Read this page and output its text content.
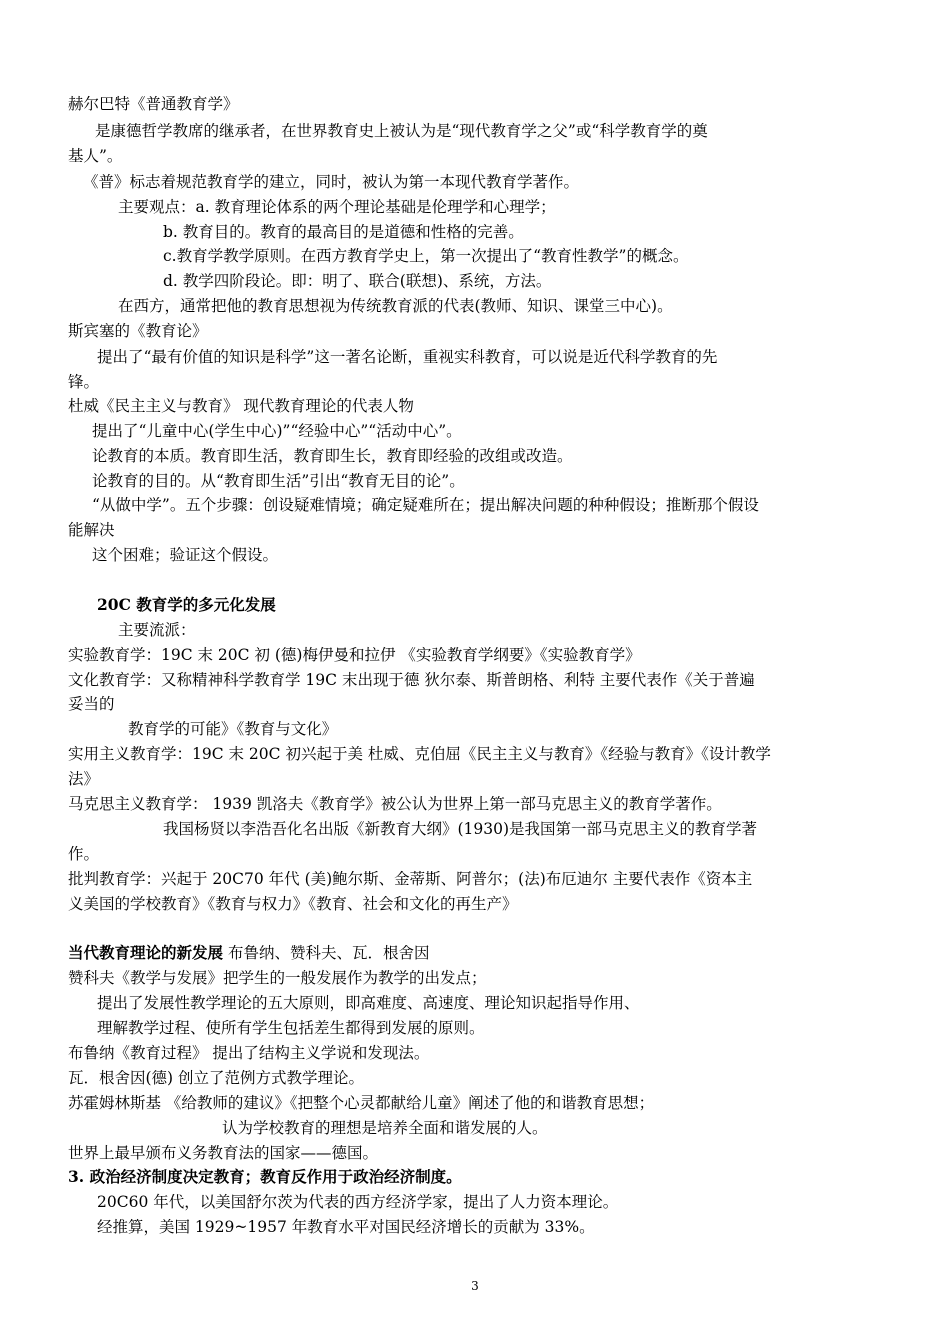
赫尔巴特《普通教育学》
是康德哲学教席的继承者，在世界教育史上被认为是“现代教育学之父”或“科学教育学的奠
基人”。
《普》标志着规范教育学的建立，同时，被认为第一本现代教育学著作。
主要观点：a. 教育理论体系的两个理论基础是伦理学和心理学；
b. 教育目的。教育的最高目的是道德和性格的完善。
c.教育学教学原则。在西方教育学史上，第一次提出了“教育性教学”的概念。
d. 教学四阶段论。即：明了、联合(联想)、系统，方法。
在西方，通常把他的教育思想视为传统教育派的代表(教师、知识、课堂三中心)。
斯宾塞的《教育论》
提出了“最有价值的知识是科学”这一著名论断，重视实科教育，可以说是近代科学教育的先
锋。
杜威《民主主义与教育》 现代教育理论的代表人物
提出了“儿童中心(学生中心)”“经验中心”“活动中心”。
论教育的本质。教育即生活，教育即生长，教育即经验的改组或改造。
论教育的目的。从“教育即生活”引出“教育无目的论”。
“从做中学”。五个步骤：创设疑难情境；确定疑难所在；提出解决问题的种种假设；推断那个假设
能解决
这个困难；验证这个假设。
20C 教育学的多元化发展
主要流派：
实验教育学：19C 末 20C 初 (德)梅伊曼和拉伊 《实验教育学纲要》《实验教育学》
文化教育学：又称精神科学教育学 19C 末出现于德 狄尔泰、斯普朗格、利特 主要代表作《关于普遍
妥当的
教育学的可能》《教育与文化》
实用主义教育学：19C 末 20C 初兴起于美 杜威、克伯屈《民主主义与教育》《经验与教育》《设计教学
法》
马克思主义教育学： 1939 凯洛夫《教育学》被公认为世界上第一部马克思主义的教育学著作。
我国杨贤以李浩吾化名出版《新教育大纲》(1930)是我国第一部马克思主义的教育学著
作。
批判教育学：兴起于 20C70 年代 (美)鲍尔斯、金蒂斯、阿普尔；(法)布厄迪尔 主要代表作《资本主
义美国的学校教育》《教育与权力》《教育、社会和文化的再生产》
当代教育理论的新发展 布鲁纳、赞科夫、瓦．根舍因
赞科夫《教学与发展》把学生的一般发展作为教学的出发点；
提出了发展性教学理论的五大原则，即高难度、高速度、理论知识起指导作用、
理解教学过程、使所有学生包括差生都得到发展的原则。
布鲁纳《教育过程》 提出了结构主义学说和发现法。
瓦．根舍因(德) 创立了范例方式教学理论。
苏霍姆林斯基 《给教师的建议》《把整个心灵都献给儿童》阐述了他的和谐教育思想；
认为学校教育的理想是培养全面和谐发展的人。
世界上最早颁布义务教育法的国家——德国。
3. 政治经济制度决定教育；教育反作用于政治经济制度。
20C60 年代，以美国舒尔茨为代表的西方经济学家，提出了人力资本理论。
经推算，美国 1929~1957 年教育水平对国民经济增长的贡献为 33%。
3
